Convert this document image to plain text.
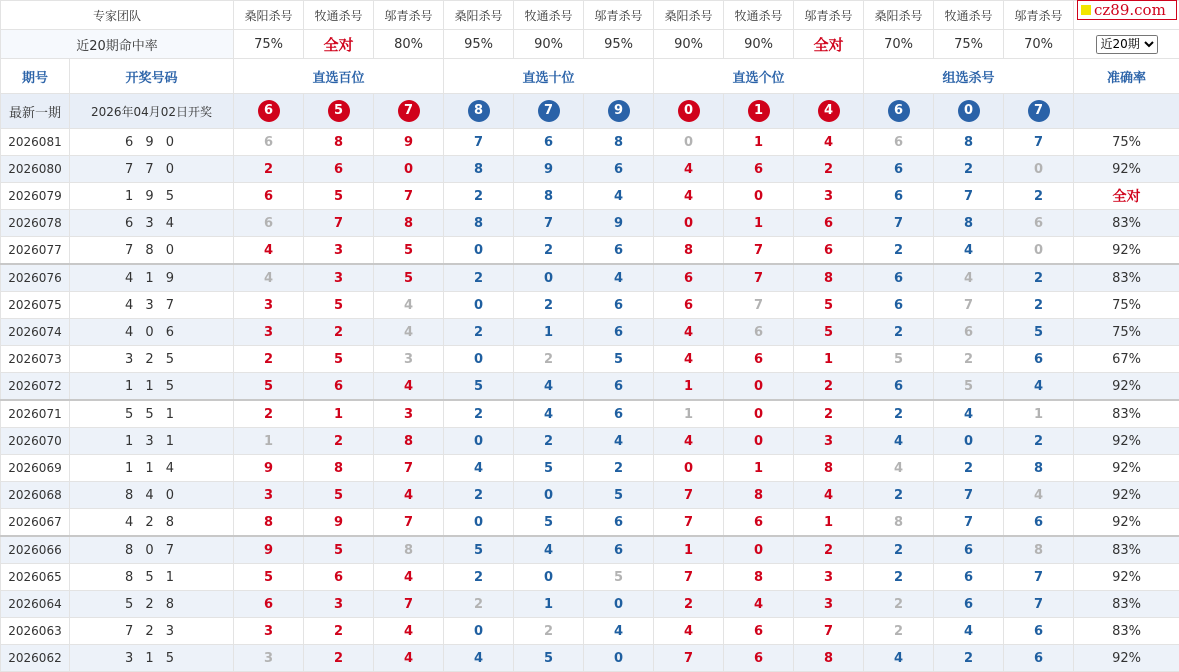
专家团队		桑阳杀号	牧通杀号	邬青杀号	桑阳杀号	牧通杀号	邬青杀号	桑阳杀号	牧通杀号	邬青杀号	桑阳杀号	牧通杀号	邬青杀号	
近20期命中率		75%	全对	80%	95%	90%	95%	90%	90%	全对	70%	75%	70%	
近20期
期号	开奖号码	直选百位			直选十位			直选个位			组选杀号			准确率
最新一期	2026年04月02日开奖	6	5	7	8	7	9	0	1	4	6	0	7	
2026081	6 9 0	6	8	9	7	6	8	0	1	4	6	8	7	75%
2026080	7 7 0	2	6	0	8	9	6	4	6	2	6	2	0	92%
2026079	1 9 5	6	5	7	2	8	4	4	0	3	6	7	2	全对
2026078	6 3 4	6	7	8	8	7	9	0	1	6	7	8	6	83%
2026077	7 8 0	4	3	5	0	2	6	8	7	6	2	4	0	92%
2026076	4 1 9	4	3	5	2	0	4	6	7	8	6	4	2	83%
2026075	4 3 7	3	5	4	0	2	6	6	7	5	6	7	2	75%
2026074	4 0 6	3	2	4	2	1	6	4	6	5	2	6	5	75%
2026073	3 2 5	2	5	3	0	2	5	4	6	1	5	2	6	67%
2026072	1 1 5	5	6	4	5	4	6	1	0	2	6	5	4	92%
2026071	5 5 1	2	1	3	2	4	6	1	0	2	2	4	1	83%
2026070	1 3 1	1	2	8	0	2	4	4	0	3	4	0	2	92%
2026069	1 1 4	9	8	7	4	5	2	0	1	8	4	2	8	92%
2026068	8 4 0	3	5	4	2	0	5	7	8	4	2	7	4	92%
2026067	4 2 8	8	9	7	0	5	6	7	6	1	8	7	6	92%
2026066	8 0 7	9	5	8	5	4	6	1	0	2	2	6	8	83%
2026065	8 5 1	5	6	4	2	0	5	7	8	3	2	6	7	92%
2026064	5 2 8	6	3	7	2	1	0	2	4	3	2	6	7	83%
2026063	7 2 3	3	2	4	0	2	4	4	6	7	2	4	6	83%
2026062	3 1 5	3	2	4	4	5	0	7	6	8	4	2	6	92%
cz89.com
